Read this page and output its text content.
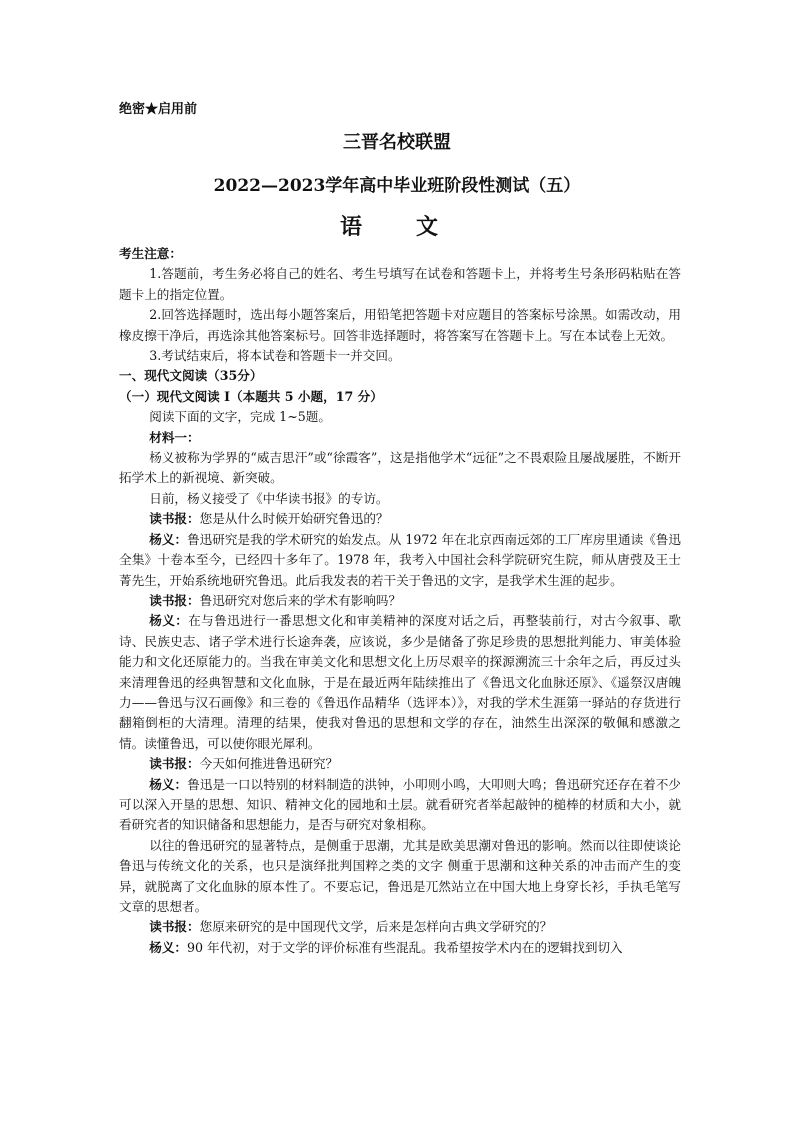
绝密★启用前
三晋名校联盟
2022—2023学年高中毕业班阶段性测试（五）
语　文

考生注意：

1.答题前，考生务必将自己的姓名、考生号填写在试卷和答题卡上，并将考生号条形码粘贴在答题卡上的指定位置。

2.回答选择题时，选出每小题答案后，用铅笔把答题卡对应题目的答案标号涂黑。如需改动，用橡皮擦干净后，再选涂其他答案标号。回答非选择题时，将答案写在答题卡上。写在本试卷上无效。

3.考试结束后，将本试卷和答题卡一并交回。

一、现代文阅读（35分）

（一）现代文阅读 I（本题共 5 小题，17 分）

阅读下面的文字，完成 1~5题。

材料一：

杨义被称为学界的“威吉思汗”或“徐霞客”，这是指他学术“远征”之不畏艰险且屡战屡胜，不断开拓学术上的新视境、新突破。

日前，杨义接受了《中华读书报》的专访。

读书报：您是从什么时候开始研究鲁迅的？

杨义：鲁迅研究是我的学术研究的始发点。从 1972 年在北京西南远郊的工厂库房里通读《鲁迅全集》十卷本至今，已经四十多年了。1978 年，我考入中国社会科学院研究生院，师从唐弢及王士菁先生，开始系统地研究鲁迅。此后我发表的若干关于鲁迅的文字，是我学术生涯的起步。

读书报：鲁迅研究对您后来的学术有影响吗？

杨义：在与鲁迅进行一番思想文化和审美精神的深度对话之后，再整装前行，对古今叙事、歌诗、民族史志、诸子学术进行长途奔袭，应该说，多少是储备了弥足珍贵的思想批判能力、审美体验能力和文化还原能力的。当我在审美文化和思想文化上历尽艰辛的探源溯流三十余年之后，再反过头来清理鲁迅的经典智慧和文化血脉，于是在最近两年陆续推出了《鲁迅文化血脉还原》、《遥祭汉唐魄力——鲁迅与汉石画像》和三卷的《鲁迅作品精华（选评本）》，对我的学术生涯第一驿站的存货进行翻箱倒柜的大清理。清理的结果，使我对鲁迅的思想和文学的存在，油然生出深深的敬佩和感激之情。读懂鲁迅，可以使你眼光犀利。

读书报：今天如何推进鲁迅研究？

杨义：鲁迅是一口以特别的材料制造的洪钟，小叩则小鸣，大叩则大鸣；鲁迅研究还存在着不少可以深入开垦的思想、知识、精神文化的园地和土层。就看研究者举起敲钟的槌棒的材质和大小，就看研究者的知识储备和思想能力，是否与研究对象相称。

以往的鲁迅研究的显著特点，是侧重于思潮，尤其是欧美思潮对鲁迅的影响。然而以往即使谈论鲁迅与传统文化的关系，也只是演绎批判国粹之类的文字 侧重于思潮和这种关系的冲击而产生的变异，就脱离了文化血脉的原本性了。不要忘记，鲁迅是兀然站立在中国大地上身穿长衫，手执毛笔写文章的思想者。

读书报：您原来研究的是中国现代文学，后来是怎样向古典文学研究的？

杨义：90 年代初，对于文学的评价标准有些混乱。我希望按学术内在的逻辑找到切入
